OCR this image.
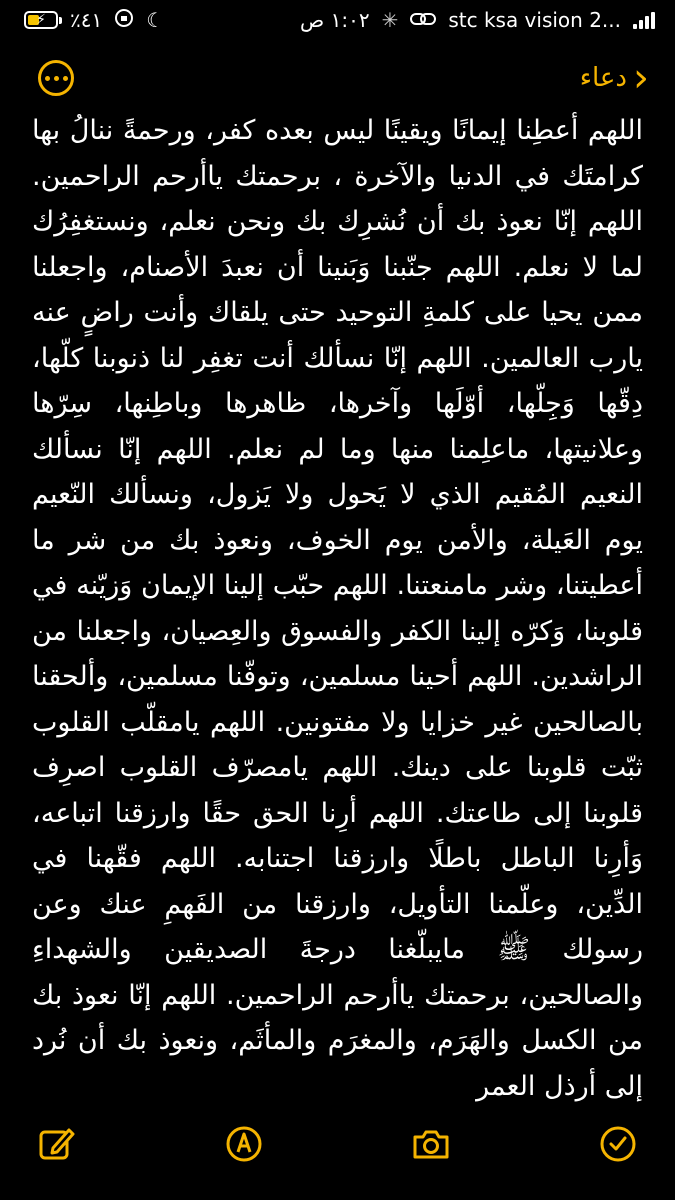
⚡ ٪٤١ ☾	١:٠٢ ص ✳	stc ksa vision 2...
دعاء ›

اللهم أعطِنا إيمانًا ويقينًا ليس بعده كفر، ورحمةً ننالُ بها كرامتَك في الدنيا والآخرة ، برحمتك ياأرحم الراحمين. اللهم إنّا نعوذ بك أن نُشرِك بك ونحن نعلم، ونستغفِرُك لما لا نعلم. اللهم جنّبنا وَبَنينا أن نعبدَ الأصنام، واجعلنا ممن يحيا على كلمةِ التوحيد حتى يلقاك وأنت راضٍ عنه يارب العالمين. اللهم إنّا نسألك أنت تغفِر لنا ذنوبنا كلّها، دِقّها وَجِلّها، أوّلَها وآخرها، ظاهرها وباطِنها، سِرّها وعلانيتها، ماعلِمنا منها وما لم نعلم. اللهم إنّا نسألك النعيم المُقيم الذي لا يَحول ولا يَزول، ونسألك النّعيم يوم العَيلة، والأمن يوم الخوف، ونعوذ بك من شر ما أعطيتنا، وشر مامنعتنا. اللهم حبّب إلينا الإيمان وَزيّنه في قلوبنا، وَكرّه إلينا الكفر والفسوق والعِصيان، واجعلنا من الراشدين. اللهم أحينا مسلمين، وتوفّنا مسلمين، وألحقنا بالصالحين غير خزايا ولا مفتونين. اللهم يامقلّب القلوب ثبّت قلوبنا على دينك. اللهم يامصرّف القلوب اصرِف قلوبنا إلى طاعتك. اللهم أرِنا الحق حقًا وارزقنا اتباعه، وَأرِنا الباطل باطلًا وارزقنا اجتنابه. اللهم فقّهنا في الدِّين، وعلّمنا التأويل، وارزقنا من الفَهمِ عنك وعن رسولك ﷺ مايبلّغنا درجةَ الصديقين والشهداءِ والصالحين، برحمتك ياأرحم الراحمين. اللهم إنّا نعوذ بك من الكسل والهَرَم، والمغرَم والمأثَم، ونعوذ بك أن نُرد إلى أرذل العمر
